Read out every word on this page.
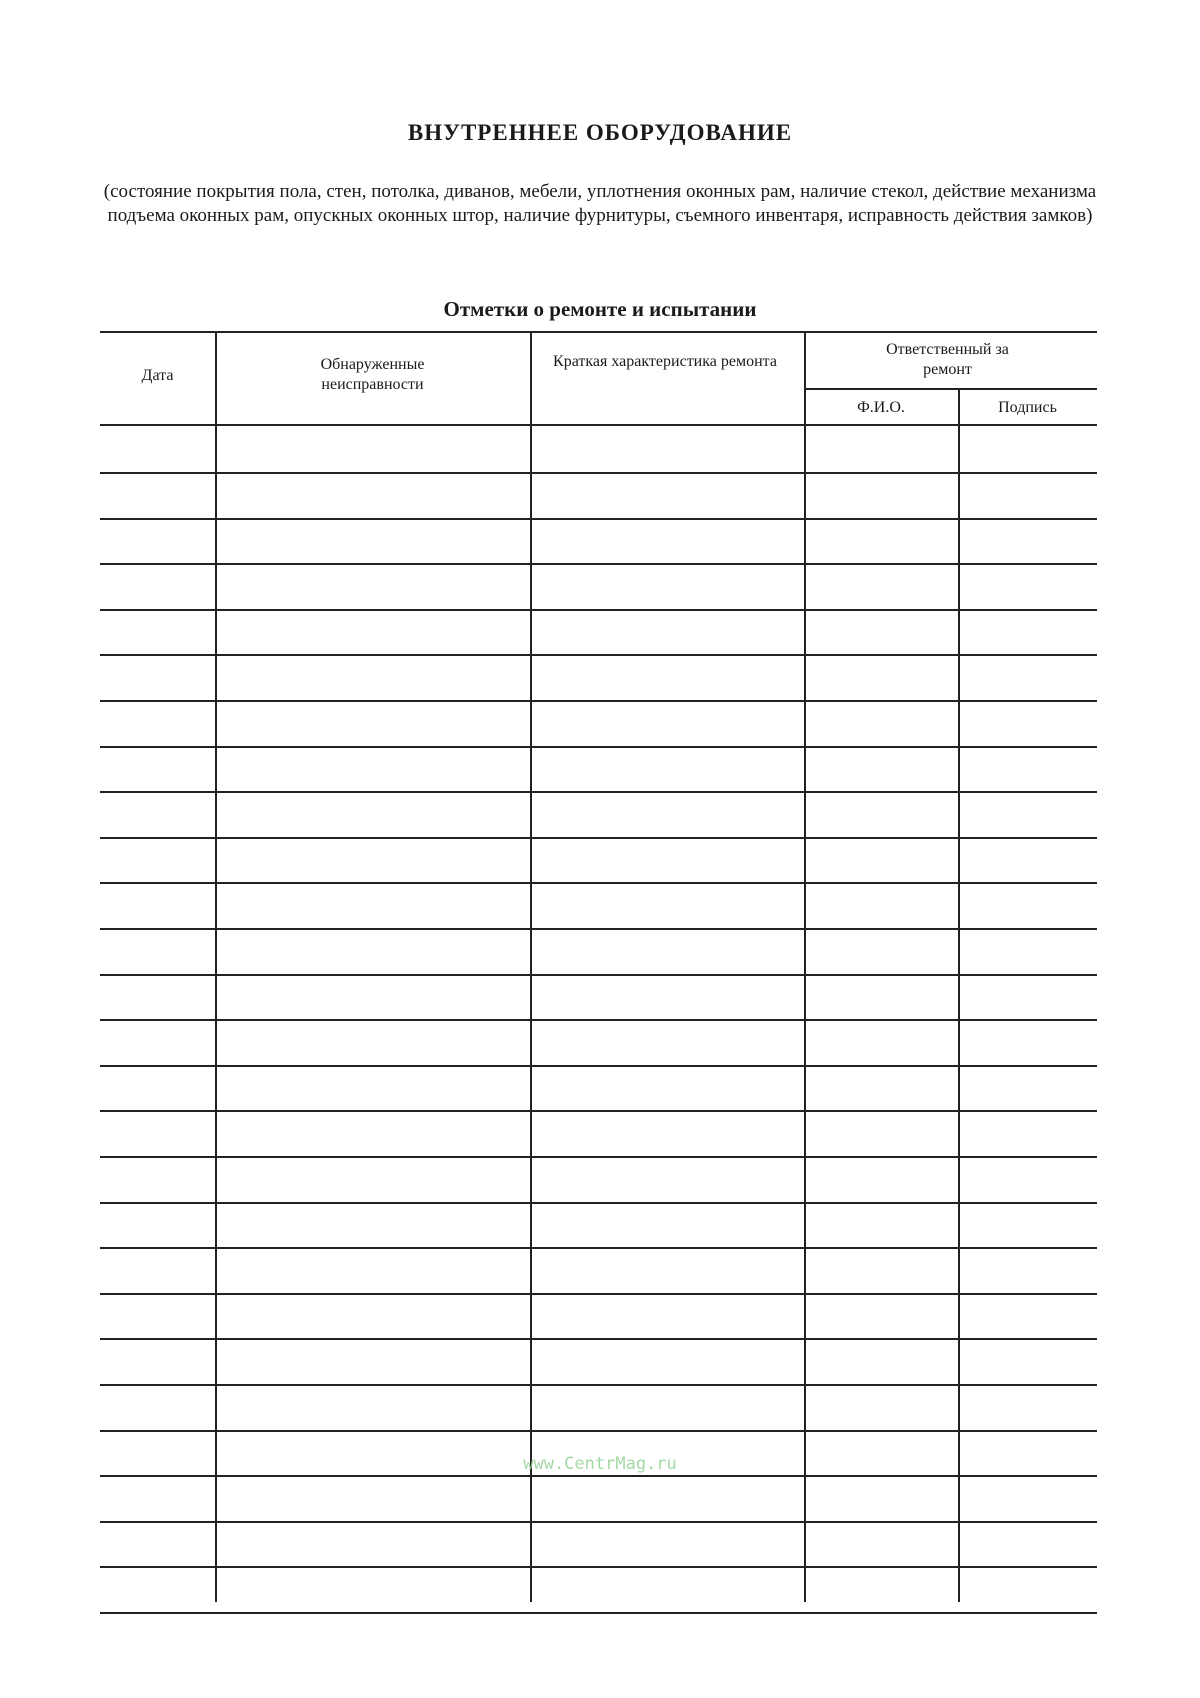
ВНУТРЕННЕЕ ОБОРУДОВАНИЕ
(состояние покрытия пола, стен, потолка, диванов, мебели, уплотнения оконных рам, наличие стекол, действие механизма подъема оконных рам, опускных оконных штор, наличие фурнитуры, съемного инвентаря, исправность действия замков)
Отметки о ремонте и испытании
Дата
Обнаруженные неисправности
Краткая характеристика ремонта
Ответственный за ремонт
Ф.И.О.	Подпись
www.CentrMag.ru
